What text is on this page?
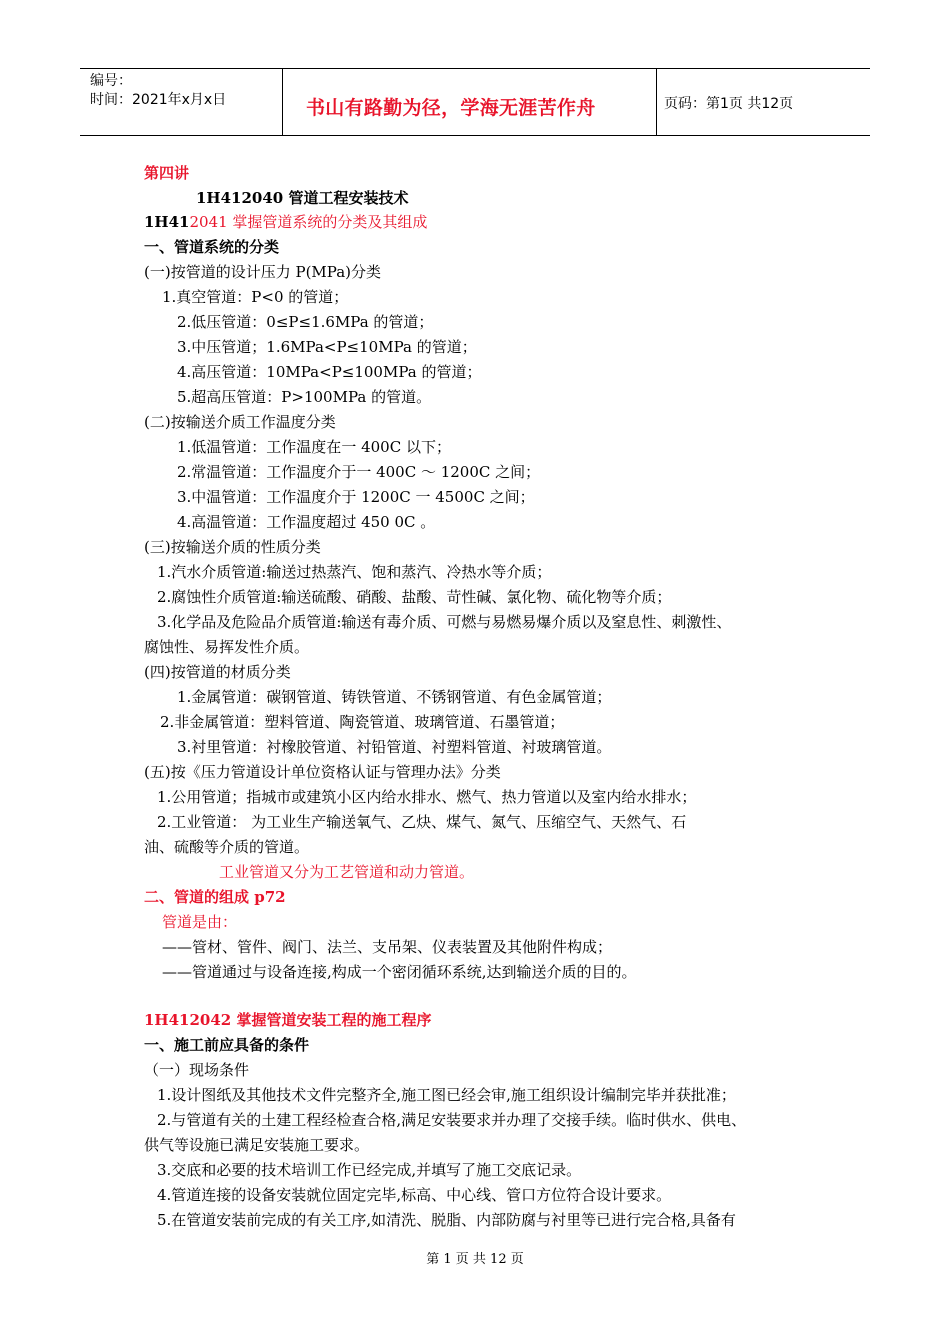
编号：
时间：2021年x月x日	书山有路勤为径，学海无涯苦作舟	页码：第1页 共12页
第四讲
1H412040 管道工程安装技术
1H412041 掌握管道系统的分类及其组成
一、管道系统的分类
(一)按管道的设计压力 P(MPa)分类
1.真空管道：P<0 的管道；
2.低压管道：0≤P≤1.6MPa 的管道；
3.中压管道；1.6MPa<P≤10MPa 的管道；
4.高压管道：10MPa<P≤100MPa 的管道；
5.超高压管道：P>100MPa 的管道。
(二)按输送介质工作温度分类
1.低温管道：工作温度在一 400C 以下；
2.常温管道：工作温度介于一 400C ～ 1200C 之间；
3.中温管道：工作温度介于 1200C 一 4500C 之间；
4.高温管道：工作温度超过 450 0C 。
(三)按输送介质的性质分类
1.汽水介质管道:输送过热蒸汽、饱和蒸汽、冷热水等介质；
2.腐蚀性介质管道:输送硫酸、硝酸、盐酸、苛性碱、氯化物、硫化物等介质；
3.化学品及危险品介质管道:输送有毒介质、可燃与易燃易爆介质以及窒息性、刺激性、
腐蚀性、易挥发性介质。
(四)按管道的材质分类
1.金属管道：碳钢管道、铸铁管道、不锈钢管道、有色金属管道；
2.非金属管道：塑料管道、陶瓷管道、玻璃管道、石墨管道；
3.衬里管道：衬橡胶管道、衬铅管道、衬塑料管道、衬玻璃管道。
(五)按《压力管道设计单位资格认证与管理办法》分类
1.公用管道；指城市或建筑小区内给水排水、燃气、热力管道以及室内给水排水；
2.工业管道： 为工业生产输送氧气、乙炔、煤气、氮气、压缩空气、天然气、石
油、硫酸等介质的管道。
工业管道又分为工艺管道和动力管道。
二、管道的组成 p72
管道是由：
——管材、管件、阀门、法兰、支吊架、仪表装置及其他附件构成；
——管道通过与设备连接,构成一个密闭循环系统,达到输送介质的目的。
1H412042 掌握管道安装工程的施工程序
一、施工前应具备的条件
（一）现场条件
1.设计图纸及其他技术文件完整齐全,施工图已经会审,施工组织设计编制完毕并获批准；
2.与管道有关的土建工程经检查合格,满足安装要求并办理了交接手续。临时供水、供电、
供气等设施已满足安装施工要求。
3.交底和必要的技术培训工作已经完成,并填写了施工交底记录。
4.管道连接的设备安装就位固定完毕,标高、中心线、管口方位符合设计要求。
5.在管道安装前完成的有关工序,如清洗、脱脂、内部防腐与衬里等已进行完合格,具备有
第 1 页 共 12 页
